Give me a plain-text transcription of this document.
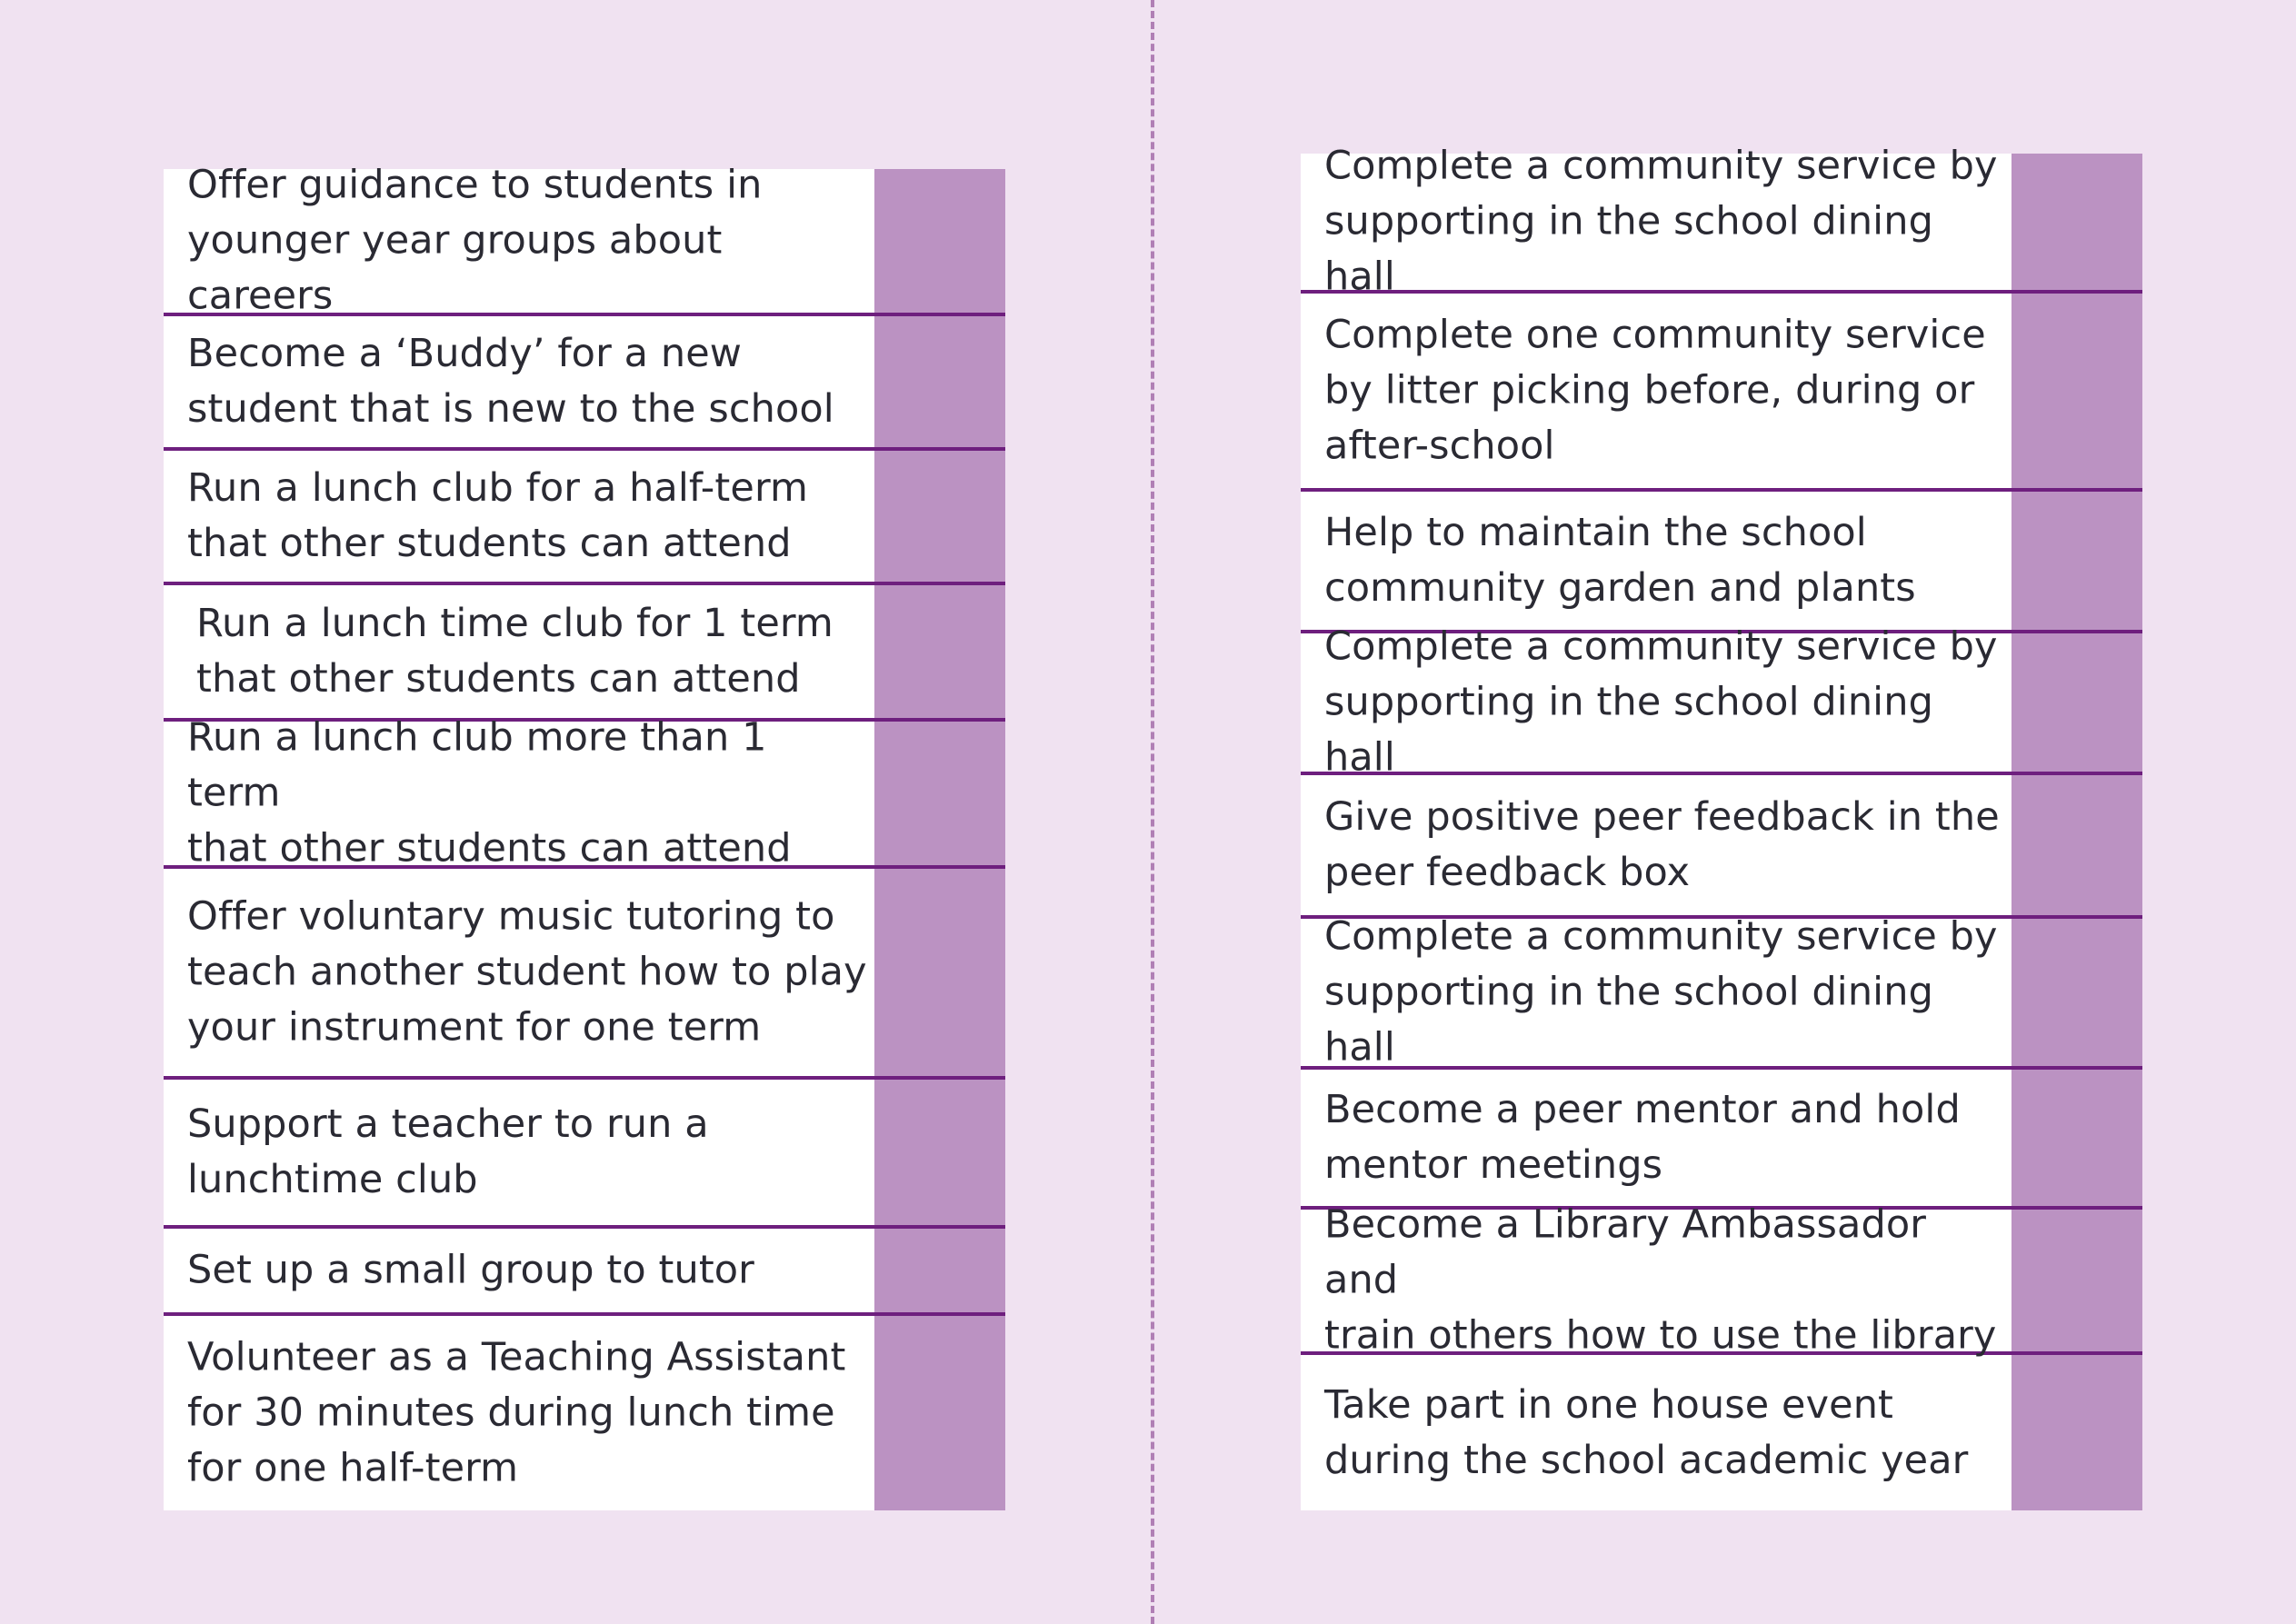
Offer guidance to students in
younger year groups about careers
Become a ‘Buddy’ for a new
student that is new to the school
Run a lunch club for a half-term
that other students can attend
Run a lunch time club for 1 term
that other students can attend
Run a lunch club more than 1 term
that other students can attend
Offer voluntary music tutoring to
teach another student how to play
your instrument for one term
Support a teacher to run a
lunchtime club
Set up a small group to tutor
Volunteer as a Teaching Assistant
for 30 minutes during lunch time
for one half-term
Complete a community service by
supporting in the school dining hall
Complete one community service
by litter picking before, during or
after-school
Help to maintain the school
community garden and plants
Complete a community service by
supporting in the school dining hall
Give positive peer feedback in the
peer feedback box
Complete a community service by
supporting in the school dining hall
Become a peer mentor and hold
mentor meetings
Become a Library Ambassador and
train others how to use the library
Take part in one house event
during the school academic year
